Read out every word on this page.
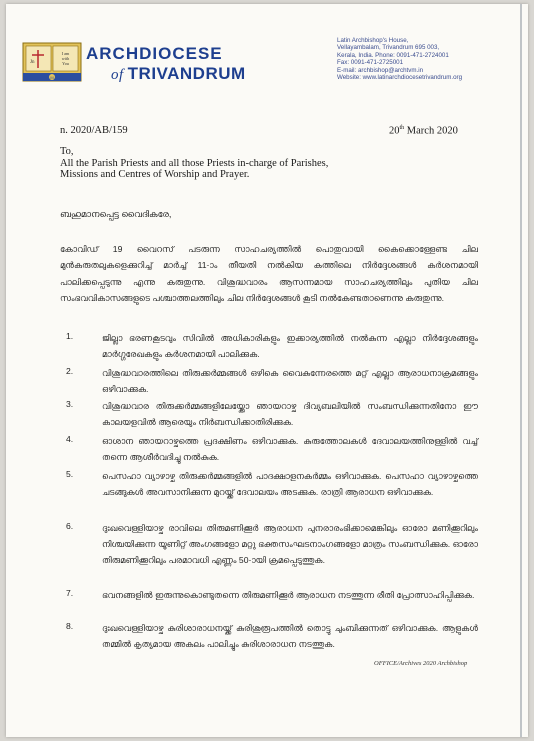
Jn
I am
with
You
M
ARCHDIOCESE
of TRIVANDRUM
Latin Archbishop's House,
Vellayambalam, Trivandrum 695 003,
Kerala, India. Phone: 0091-471-2724001
Fax: 0091-471-2725001
E-mail: archbishop@archtvm.in
Website: www.latinarchdiocesetrivandrum.org
n. 2020/AB/159	20th March 2020
To,
All the Parish Priests and all those Priests in-charge of Parishes,
Missions and Centres of Worship and Prayer.
ബഹുമാനപ്പെട്ട വൈദികരേ,
കോവിഡ് 19 വൈറസ് പടരുന്ന സാഹചര്യത്തിൽ പൊതുവായി കൈക്കൊള്ളേണ്ട ചില മുൻകരുതലുകളെക്കുറിച്ച് മാർച്ച് 11-ാം തീയതി നൽകിയ കത്തിലെ നിർദ്ദേശങ്ങൾ കർശനമായി പാലിക്കപ്പെടുന്നു എന്നു കരുതുന്നു. വിശുദ്ധവാരം ആസന്നമായ സാഹചര്യത്തിലും പുതിയ ചില സംഭവവികാസങ്ങളുടെ പശ്ചാത്തലത്തിലും ചില നിർദ്ദേശങ്ങൾ കൂടി നൽകേണ്ടതാണെന്നു കരുതുന്നു.
1.	ജില്ലാ ഭരണകൂടവും സിവിൽ അധികാരികളും ഇക്കാര്യത്തിൽ നൽകുന്ന എല്ലാ നിർദ്ദേശങ്ങളും മാർഗ്ഗരേഖകളും കർശനമായി പാലിക്കുക.
2.	വിശുദ്ധവാരത്തിലെ തിരുക്കർമ്മങ്ങൾ ഒഴികെ വൈകുന്നേരത്തെ മറ്റ് എല്ലാ ആരാധനാക്രമങ്ങളും ഒഴിവാക്കുക.
3.	വിശുദ്ധവാര തിരുക്കർമ്മങ്ങളിലേയ്ക്കോ ഞായറാഴ്ച ദിവ്യബലിയിൽ സംബന്ധിക്കുന്നതിനോ ഈ കാലയളവിൽ ആരെയും നിർബന്ധിക്കാതിരിക്കുക.
4.	ഓശാന ഞായറാഴ്ചത്തെ പ്രദക്ഷിണം ഒഴിവാക്കുക. കുരുത്തോലകൾ ദേവാലയത്തിനുള്ളിൽ വച്ച് തന്നെ ആശീർവദിച്ചു നൽകുക.
5.	പെസഹാ വ്യാഴാഴ്ച തിരുക്കർമ്മങ്ങളിൽ പാദക്ഷാളനകർമ്മം ഒഴിവാക്കുക. പെസഹാ വ്യാഴാഴ്ചത്തെ ചടങ്ങുകൾ അവസാനിക്കുന്ന മുറയ്ക്ക് ദേവാലയം അടക്കുക. രാത്രി ആരാധന ഒഴിവാക്കുക.
6.	ദുഃഖവെള്ളിയാഴ്ച രാവിലെ തിരുമണിക്കൂർ ആരാധന പുനരാരംഭിക്കാമെങ്കിലും ഓരോ മണിക്കൂറിലും നിശ്ചയിക്കുന്ന യൂണിറ്റ് അംഗങ്ങളോ മറ്റു ഭക്തസംഘടനാംഗങ്ങളോ മാത്രം സംബന്ധിക്കുക. ഓരോ തിരുമണിക്കൂറിലും പരമാവധി എണ്ണം 50-ായി ക്രമപ്പെടുത്തുക.
7.	ഭവനങ്ങളിൽ ഇരുന്നുകൊണ്ടുതന്നെ തിരുമണിക്കൂർ ആരാധന നടത്തുന്ന രീതി പ്രോത്സാഹിപ്പിക്കുക.
8.	ദുഃഖവെള്ളിയാഴ്ച കുരിശാരാധനയ്ക്ക് കുരിശുരൂപത്തിൽ തൊട്ടു ചുംബിക്കുന്നത് ഒഴിവാക്കുക. ആളുകൾ തമ്മിൽ കൃത്യമായ അകലം പാലിച്ചും കുരിശാരാധന നടത്തുക.
OFFICE/Archives 2020 Archbishop
